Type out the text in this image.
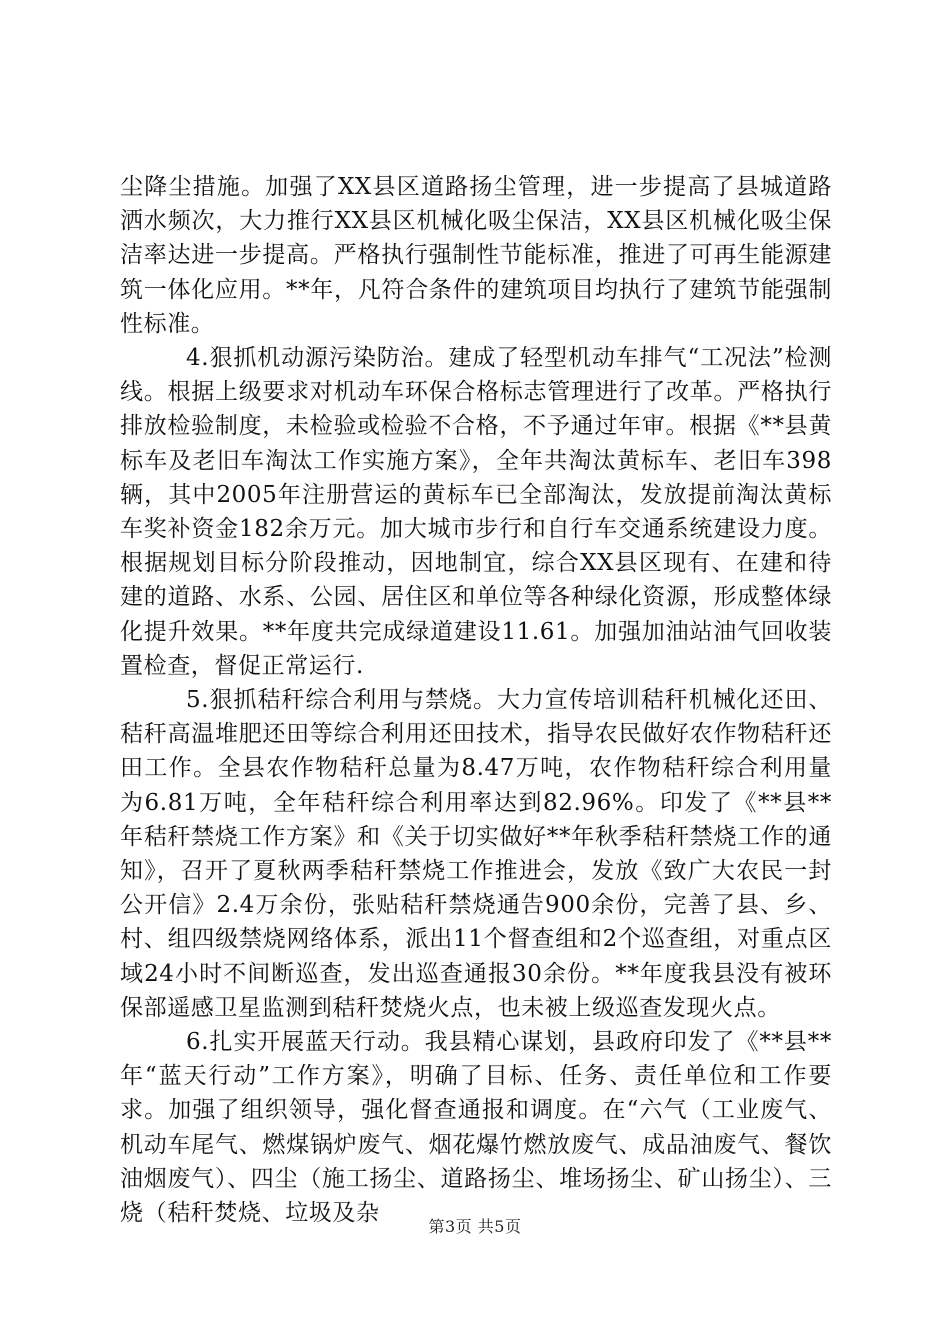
尘降尘措施。加强了XX县区道路扬尘管理，进一步提高了县城道路洒水频次，大力推行XX县区机械化吸尘保洁，XX县区机械化吸尘保洁率达进一步提高。严格执行强制性节能标准，推进了可再生能源建筑一体化应用。**年，凡符合条件的建筑项目均执行了建筑节能强制性标准。

4.狠抓机动源污染防治。建成了轻型机动车排气“工况法”检测线。根据上级要求对机动车环保合格标志管理进行了改革。严格执行排放检验制度，未检验或检验不合格，不予通过年审。根据《**县黄标车及老旧车淘汰工作实施方案》，全年共淘汰黄标车、老旧车398辆，其中2005年注册营运的黄标车已全部淘汰，发放提前淘汰黄标车奖补资金182余万元。加大城市步行和自行车交通系统建设力度。根据规划目标分阶段推动，因地制宜，综合XX县区现有、在建和待建的道路、水系、公园、居住区和单位等各种绿化资源，形成整体绿化提升效果。**年度共完成绿道建设11.61。加强加油站油气回收装置检查，督促正常运行.

5.狠抓秸秆综合利用与禁烧。大力宣传培训秸秆机械化还田、秸秆高温堆肥还田等综合利用还田技术，指导农民做好农作物秸秆还田工作。全县农作物秸秆总量为8.47万吨，农作物秸秆综合利用量为6.81万吨，全年秸秆综合利用率达到82.96%。印发了《**县**年秸秆禁烧工作方案》和《关于切实做好**年秋季秸秆禁烧工作的通知》，召开了夏秋两季秸秆禁烧工作推进会，发放《致广大农民一封公开信》2.4万余份，张贴秸秆禁烧通告900余份，完善了县、乡、村、组四级禁烧网络体系，派出11个督查组和2个巡查组，对重点区域24小时不间断巡查，发出巡查通报30余份。**年度我县没有被环保部遥感卫星监测到秸秆焚烧火点，也未被上级巡查发现火点。

6.扎实开展蓝天行动。我县精心谋划，县政府印发了《**县**年“蓝天行动”工作方案》，明确了目标、任务、责任单位和工作要求。加强了组织领导，强化督查通报和调度。在“六气（工业废气、机动车尾气、燃煤锅炉废气、烟花爆竹燃放废气、成品油废气、餐饮油烟废气）、四尘（施工扬尘、道路扬尘、堆场扬尘、矿山扬尘）、三烧（秸秆焚烧、垃圾及杂

第3页 共5页
